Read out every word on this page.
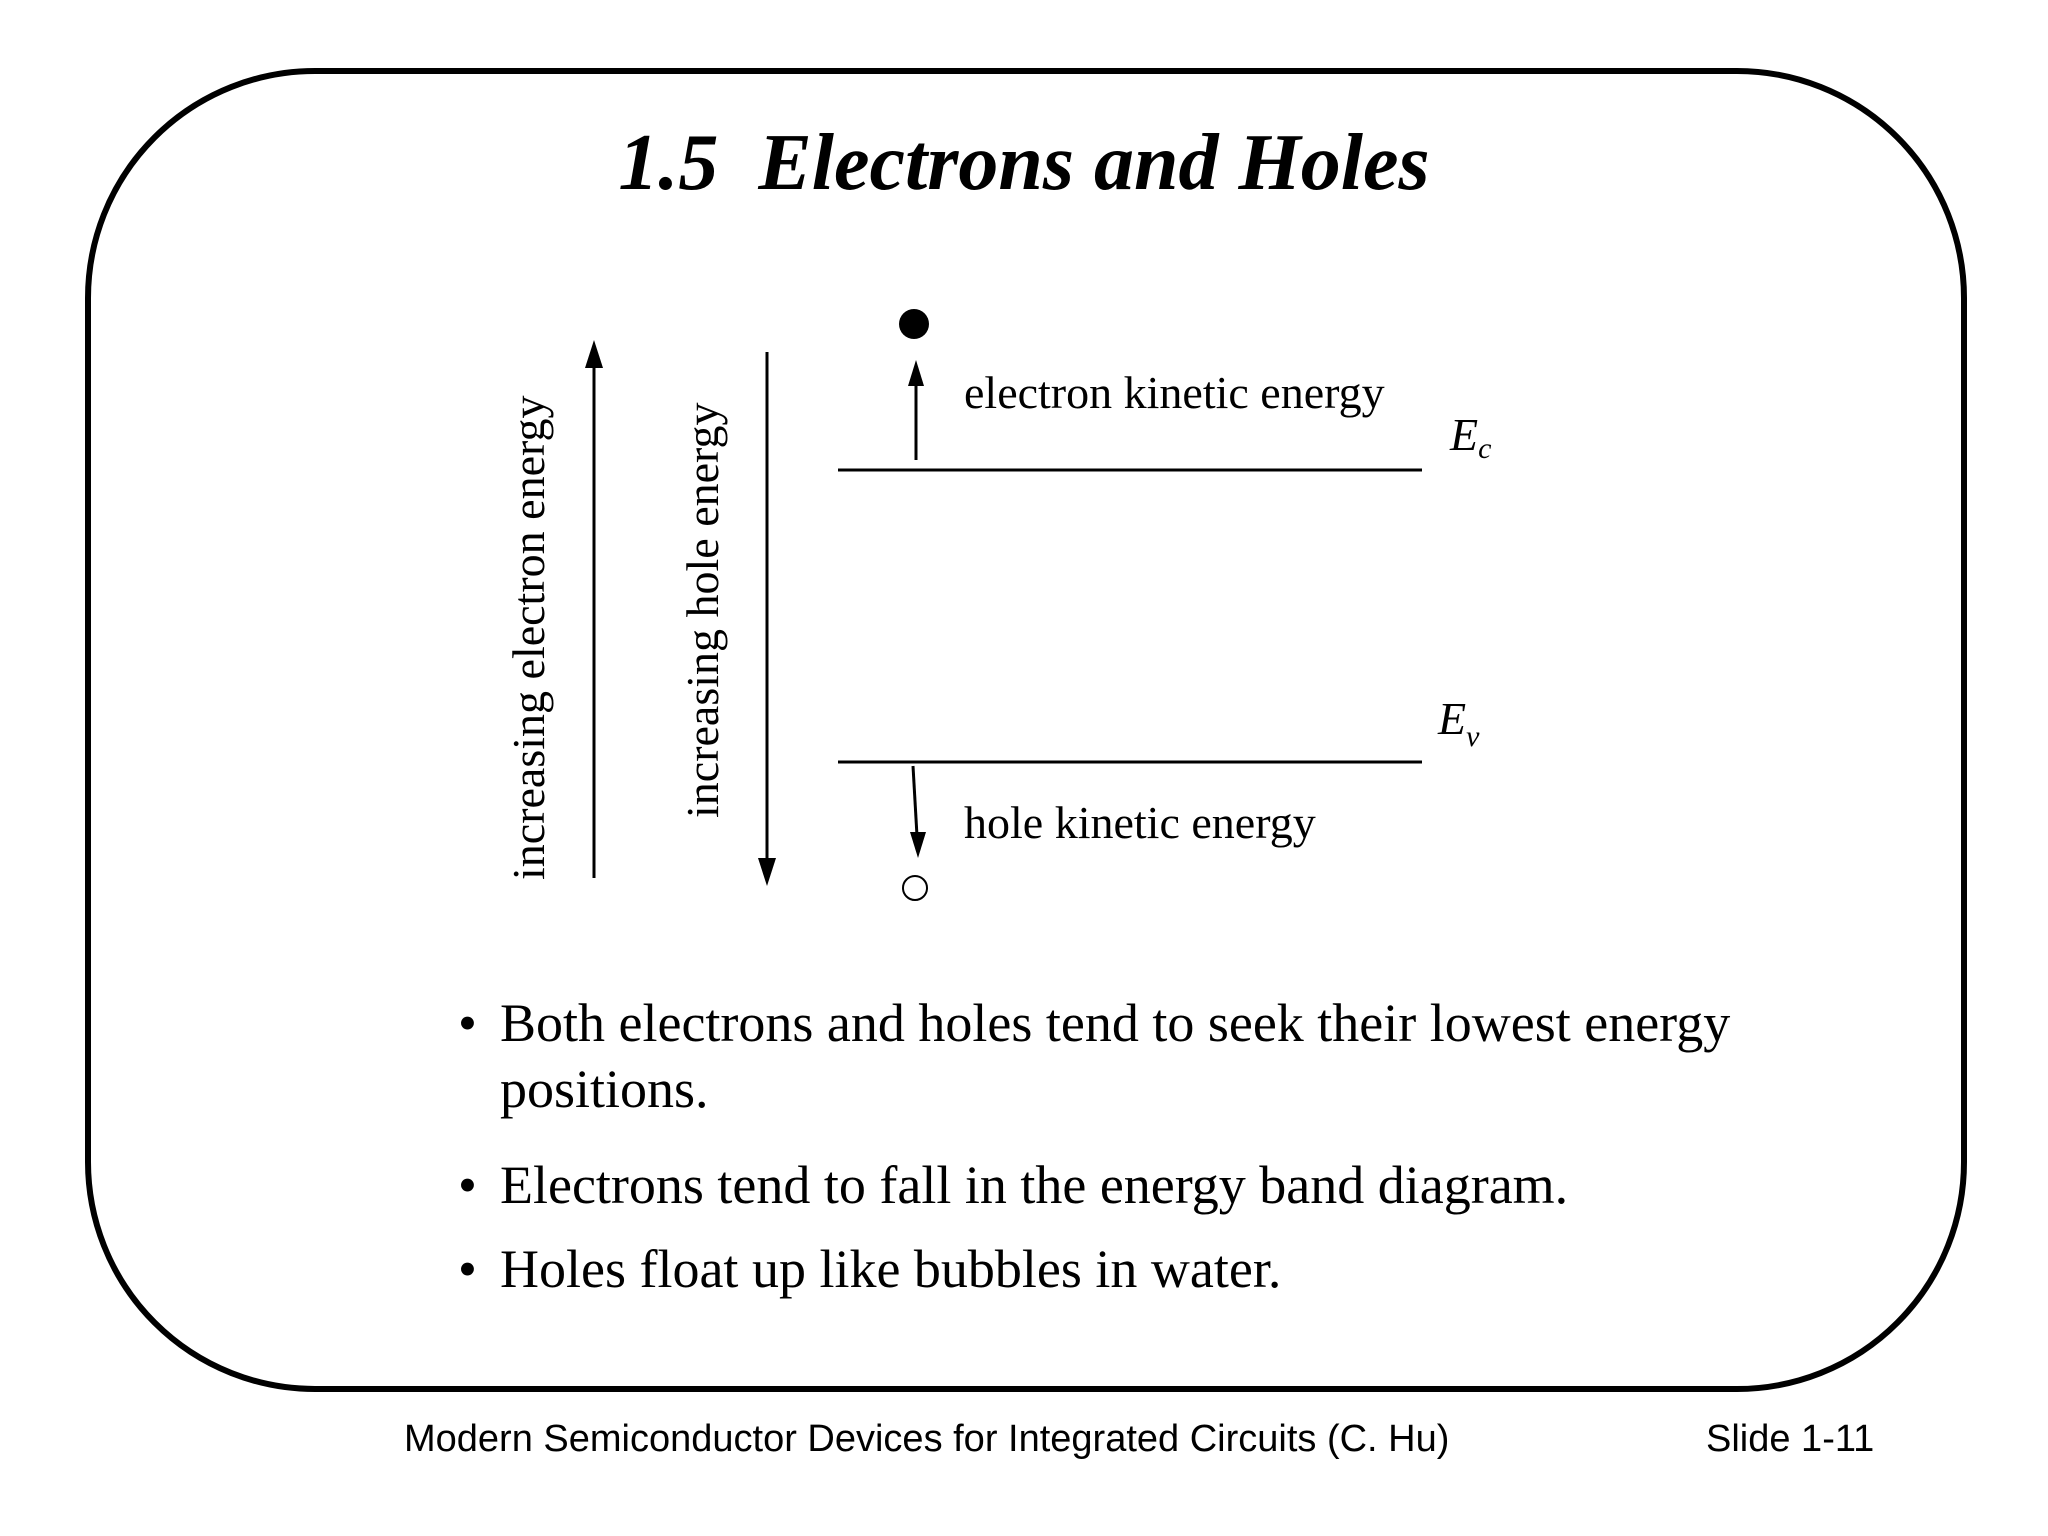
1.5  Electrons and Holes
increasing electron energy	increasing hole energy	Ec
Ev
electron kinetic energy
hole kinetic energy
• Both electrons and holes tend to seek their lowest energy positions.
• Electrons tend to fall in the energy band diagram.
• Holes float up like bubbles in water.
Modern Semiconductor Devices for Integrated Circuits (C. Hu)	Slide 1-11
